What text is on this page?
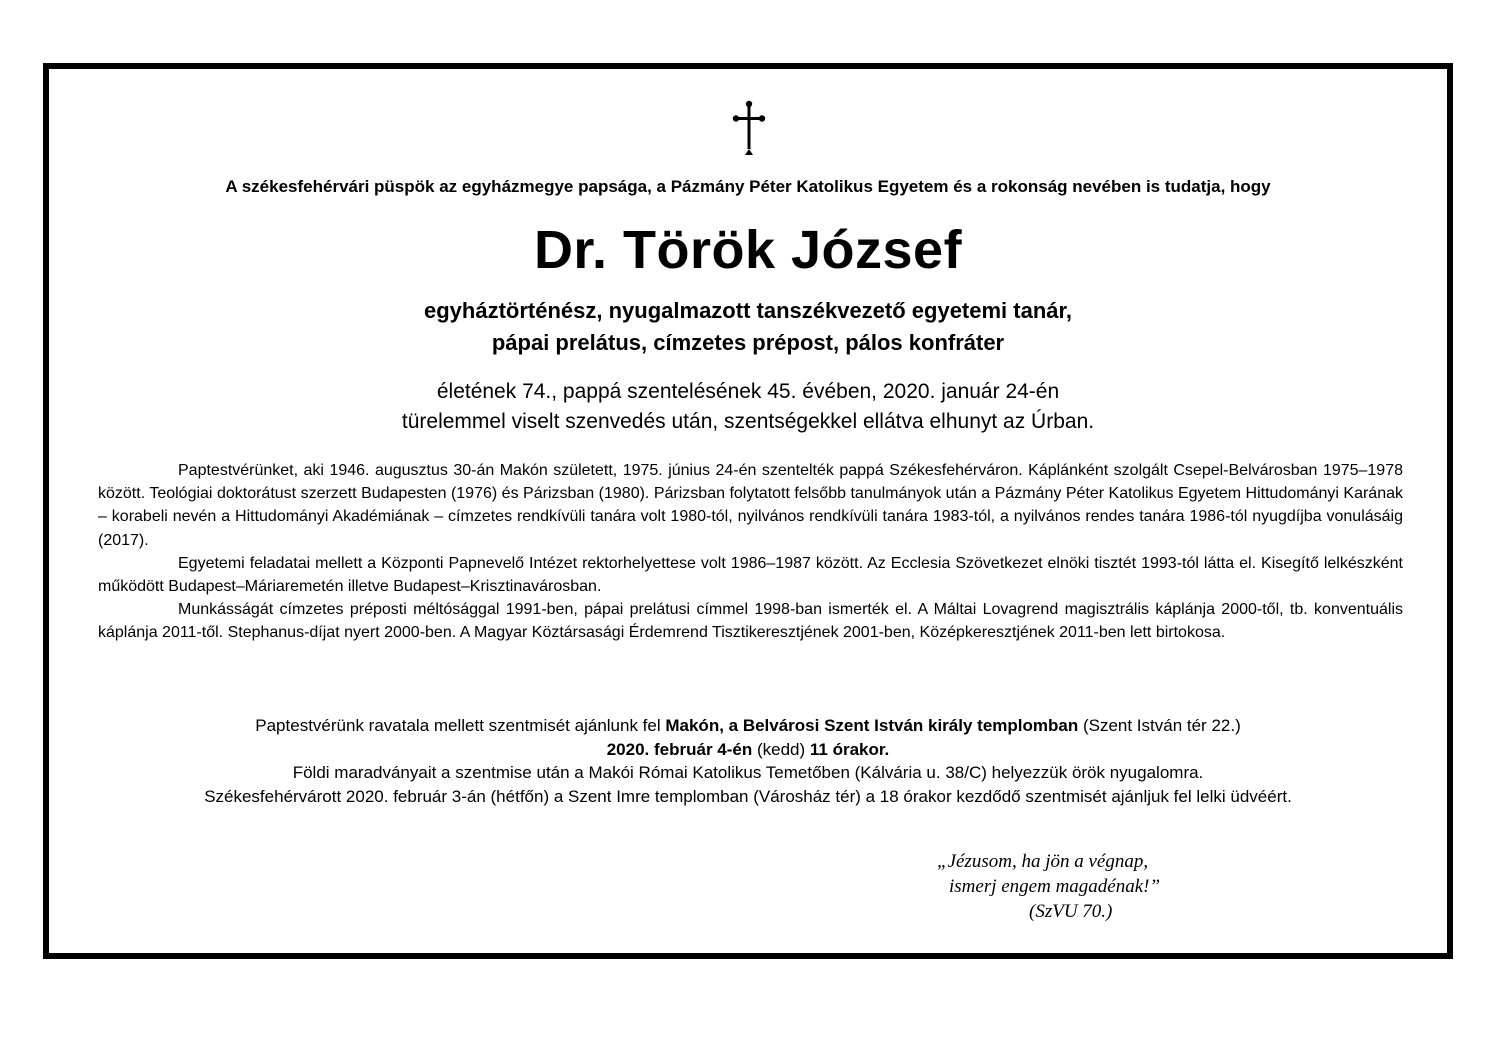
A székesfehérvári püspök az egyházmegye papsága, a Pázmány Péter Katolikus Egyetem és a rokonság nevében is tudatja, hogy
Dr. Török József
egyháztörténész, nyugalmazott tanszékvezető egyetemi tanár,
pápai prelátus, címzetes prépost, pálos konfráter
életének 74., pappá szentelésének 45. évében, 2020. január 24-én
türelemmel viselt szenvedés után, szentségekkel ellátva elhunyt az Úrban.

Paptestvérünket, aki 1946. augusztus 30-án Makón született, 1975. június 24-én szentelték pappá Székesfehérváron. Káplánként szolgált Csepel-Belvárosban 1975–1978 között. Teológiai doktorátust szerzett Budapesten (1976) és Párizsban (1980). Párizsban folytatott felsőbb tanulmányok után a Pázmány Péter Katolikus Egyetem Hittudományi Karának – korabeli nevén a Hittudományi Akadémiának – címzetes rendkívüli tanára volt 1980-tól, nyilvános rendkívüli tanára 1983-tól, a nyilvános rendes tanára 1986-tól nyugdíjba vonulásáig (2017).

Egyetemi feladatai mellett a Központi Papnevelő Intézet rektorhelyettese volt 1986–1987 között. Az Ecclesia Szövetkezet elnöki tisztét 1993-tól látta el. Kisegítő lelkészként működött Budapest–Máriaremetén illetve Budapest–Krisztinavárosban.

Munkásságát címzetes préposti méltósággal 1991-ben, pápai prelátusi címmel 1998-ban ismerték el. A Máltai Lovagrend magisztrális káplánja 2000-től, tb. konventuális káplánja 2011-től. Stephanus-díjat nyert 2000-ben. A Magyar Köztársasági Érdemrend Tisztikeresztjének 2001-ben, Középkeresztjének 2011-ben lett birtokosa.

Paptestvérünk ravatala mellett szentmisét ajánlunk fel Makón, a Belvárosi Szent István király templomban (Szent István tér 22.)

2020. február 4-én (kedd) 11 órakor.

Földi maradványait a szentmise után a Makói Római Katolikus Temetőben (Kálvária u. 38/C) helyezzük örök nyugalomra.

Székesfehérvárott 2020. február 3-án (hétfőn) a Szent Imre templomban (Városház tér) a 18 órakor kezdődő szentmisét ajánljuk fel lelki üdvéért.

„Jézusom, ha jön a végnap,
ismerj engem magadénak!”
(SzVU 70.)
